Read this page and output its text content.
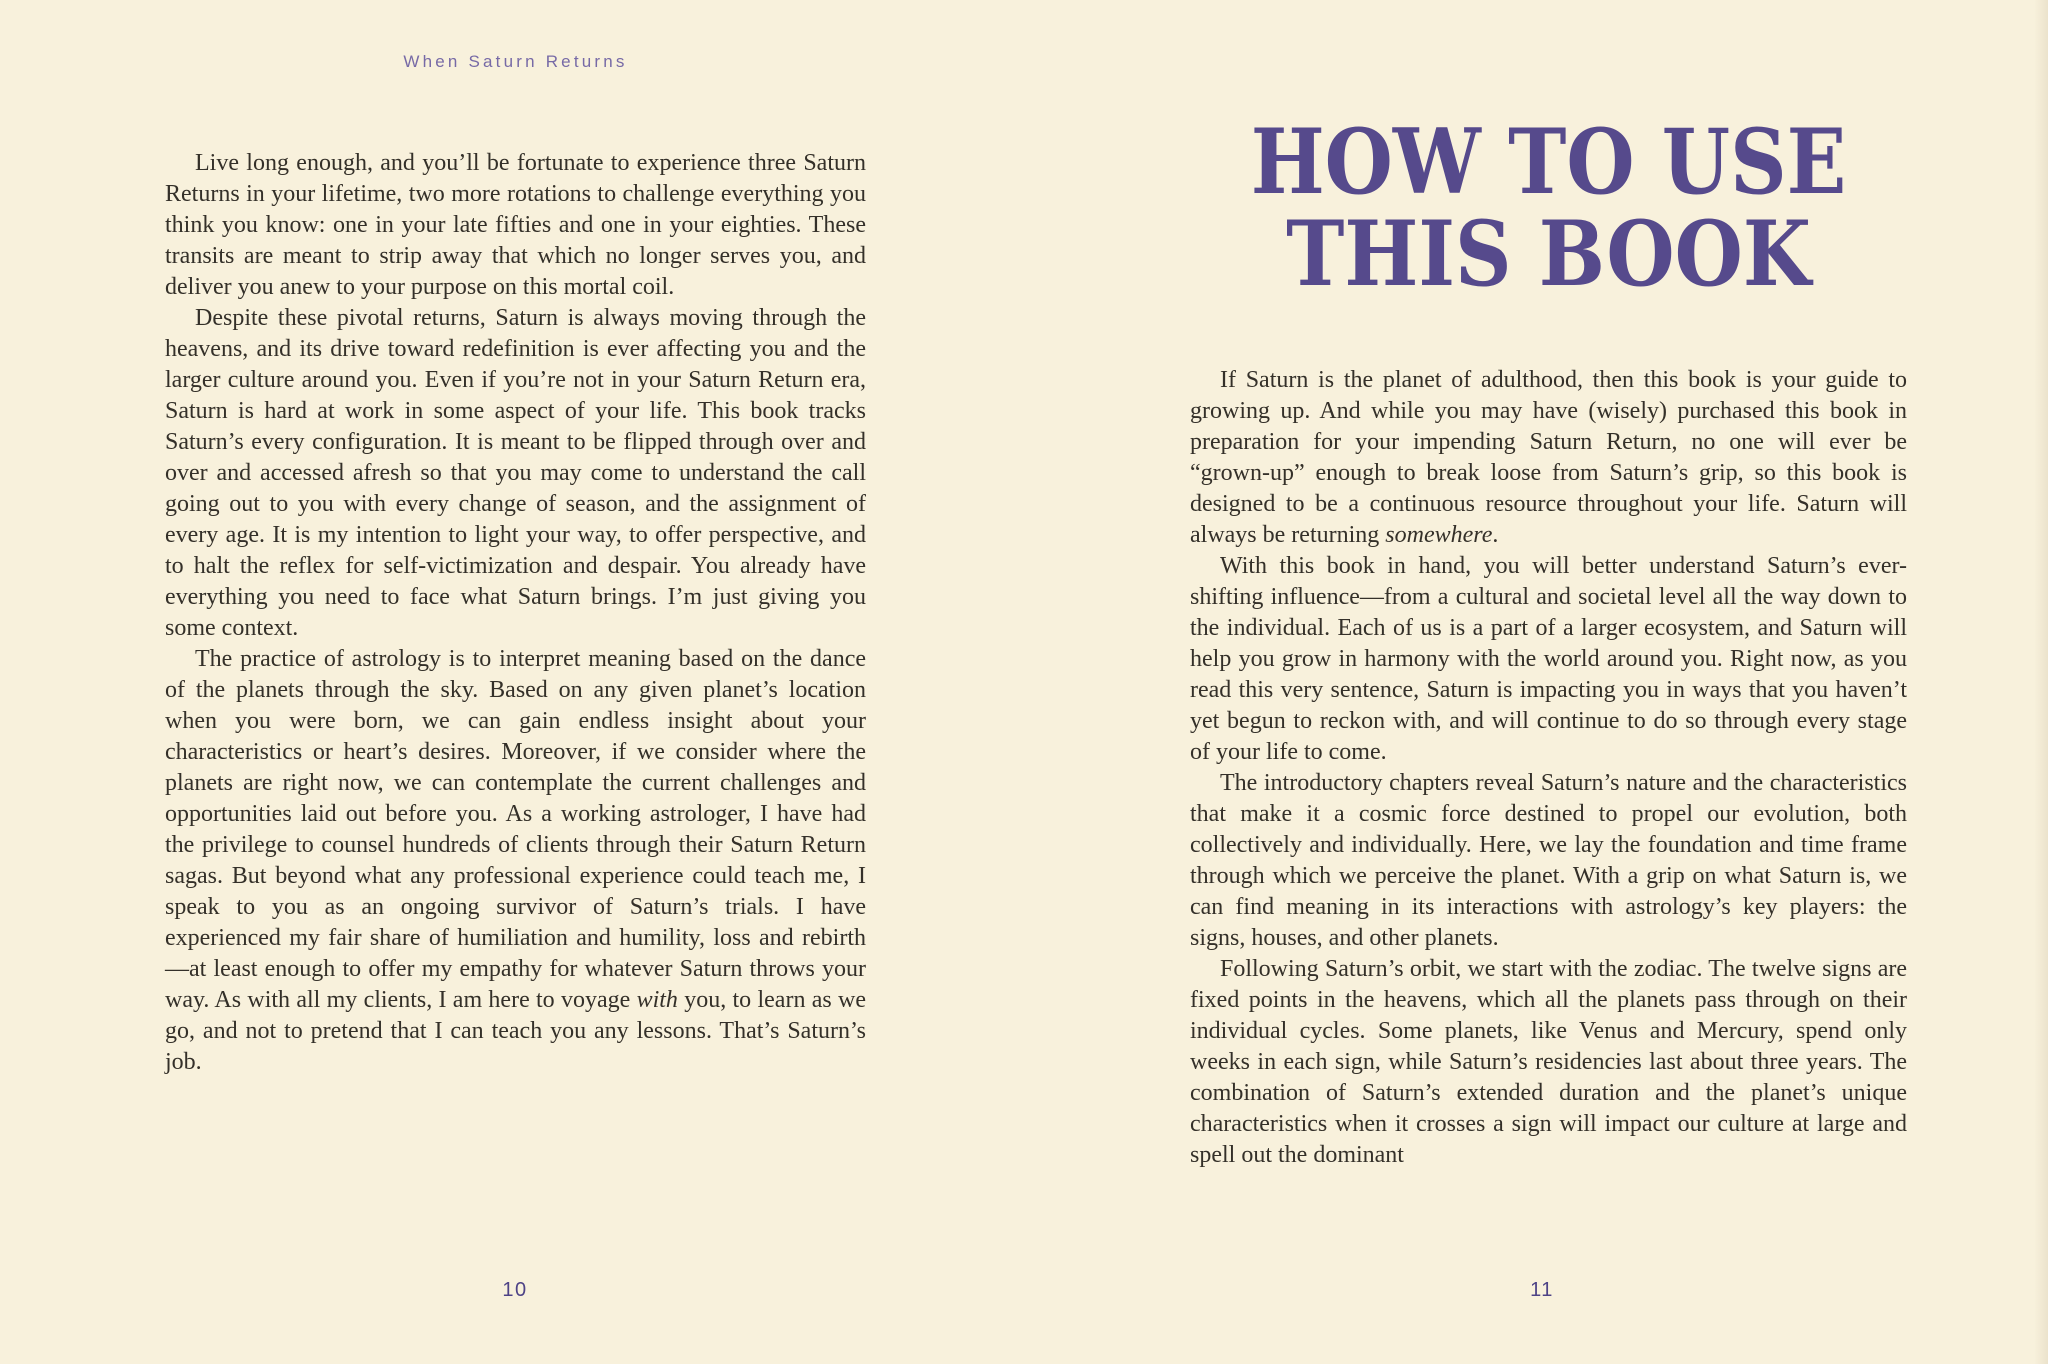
When Saturn Returns

Live long enough, and you’ll be fortunate to experience three Saturn Returns in your lifetime, two more rotations to challenge everything you think you know: one in your late fifties and one in your eighties. These transits are meant to strip away that which no longer serves you, and deliver you anew to your purpose on this mortal coil.

Despite these pivotal returns, Saturn is always moving through the heavens, and its drive toward redefinition is ever affecting you and the larger culture around you. Even if you’re not in your Saturn Return era, Saturn is hard at work in some aspect of your life. This book tracks Saturn’s every configuration. It is meant to be flipped through over and over and accessed afresh so that you may come to understand the call going out to you with every change of season, and the assignment of every age. It is my intention to light your way, to offer perspective, and to halt the reflex for self-victimization and despair. You already have everything you need to face what Saturn brings. I’m just giving you some context.

The practice of astrology is to interpret meaning based on the dance of the planets through the sky. Based on any given planet’s location when you were born, we can gain endless insight about your characteristics or heart’s desires. Moreover, if we consider where the planets are right now, we can contemplate the current challenges and opportunities laid out before you. As a working astrologer, I have had the privilege to counsel hundreds of clients through their Saturn Return sagas. But beyond what any professional experience could teach me, I speak to you as an ongoing survivor of Saturn’s trials. I have experienced my fair share of humiliation and humility, loss and rebirth—at least enough to offer my empathy for whatever Saturn throws your way. As with all my clients, I am here to voyage with you, to learn as we go, and not to pretend that I can teach you any lessons. That’s Saturn’s job.

10
HOW TO USE
THIS BOOK

If Saturn is the planet of adulthood, then this book is your guide to growing up. And while you may have (wisely) purchased this book in preparation for your impending Saturn Return, no one will ever be “grown-up” enough to break loose from Saturn’s grip, so this book is designed to be a continuous resource throughout your life. Saturn will always be returning somewhere.

With this book in hand, you will better understand Saturn’s ever-shifting influence—from a cultural and societal level all the way down to the individual. Each of us is a part of a larger ecosystem, and Saturn will help you grow in harmony with the world around you. Right now, as you read this very sentence, Saturn is impacting you in ways that you haven’t yet begun to reckon with, and will continue to do so through every stage of your life to come.

The introductory chapters reveal Saturn’s nature and the characteristics that make it a cosmic force destined to propel our evolution, both collectively and individually. Here, we lay the foundation and time frame through which we perceive the planet. With a grip on what Saturn is, we can find meaning in its interactions with astrology’s key players: the signs, houses, and other planets.

Following Saturn’s orbit, we start with the zodiac. The twelve signs are fixed points in the heavens, which all the planets pass through on their individual cycles. Some planets, like Venus and Mercury, spend only weeks in each sign, while Saturn’s residencies last about three years. The combination of Saturn’s extended duration and the planet’s unique characteristics when it crosses a sign will impact our culture at large and spell out the dominant

11
